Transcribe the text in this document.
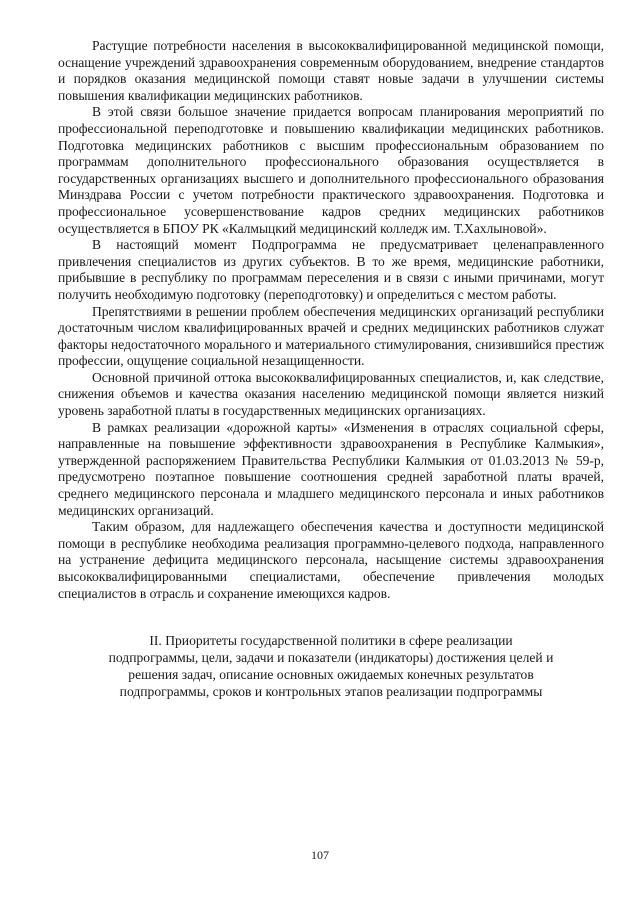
Растущие потребности населения в высококвалифицированной медицинской помощи, оснащение учреждений здравоохранения современным оборудованием, внедрение стандартов и порядков оказания медицинской помощи ставят новые задачи в улучшении системы повышения квалификации медицинских работников.

В этой связи большое значение придается вопросам планирования мероприятий по профессиональной переподготовке и повышению квалификации медицинских работников. Подготовка медицинских работников с высшим профессиональным образованием по программам дополнительного профессионального образования осуществляется в государственных организациях высшего и дополнительного профессионального образования Минздрава России с учетом потребности практического здравоохранения. Подготовка и профессиональное усовершенствование кадров средних медицинских работников осуществляется в БПОУ РК «Калмыцкий медицинский колледж им. Т.Хахлыновой».

В настоящий момент Подпрограмма не предусматривает целенаправленного привлечения специалистов из других субъектов. В то же время, медицинские работники, прибывшие в республику по программам переселения и в связи с иными причинами, могут получить необходимую подготовку (переподготовку) и определиться с местом работы.

Препятствиями в решении проблем обеспечения медицинских организаций республики достаточным числом квалифицированных врачей и средних медицинских работников служат факторы недостаточного морального и материального стимулирования, снизившийся престиж профессии, ощущение социальной незащищенности.

Основной причиной оттока высококвалифицированных специалистов, и, как следствие, снижения объемов и качества оказания населению медицинской помощи является низкий уровень заработной платы в государственных медицинских организациях.

В рамках реализации «дорожной карты» «Изменения в отраслях социальной сферы, направленные на повышение эффективности здравоохранения в Республике Калмыкия», утвержденной распоряжением Правительства Республики Калмыкия от 01.03.2013 № 59-р, предусмотрено поэтапное повышение соотношения средней заработной платы врачей, среднего медицинского персонала и младшего медицинского персонала и иных работников медицинских организаций.

Таким образом, для надлежащего обеспечения качества и доступности медицинской помощи в республике необходима реализация программно-целевого подхода, направленного на устранение дефицита медицинского персонала, насыщение системы здравоохранения высококвалифицированными специалистами, обеспечение привлечения молодых специалистов в отрасль и сохранение имеющихся кадров.

II. Приоритеты государственной политики в сфере реализации
подпрограммы, цели, задачи и показатели (индикаторы) достижения целей и
решения задач, описание основных ожидаемых конечных результатов
подпрограммы, сроков и контрольных этапов реализации подпрограммы
107
